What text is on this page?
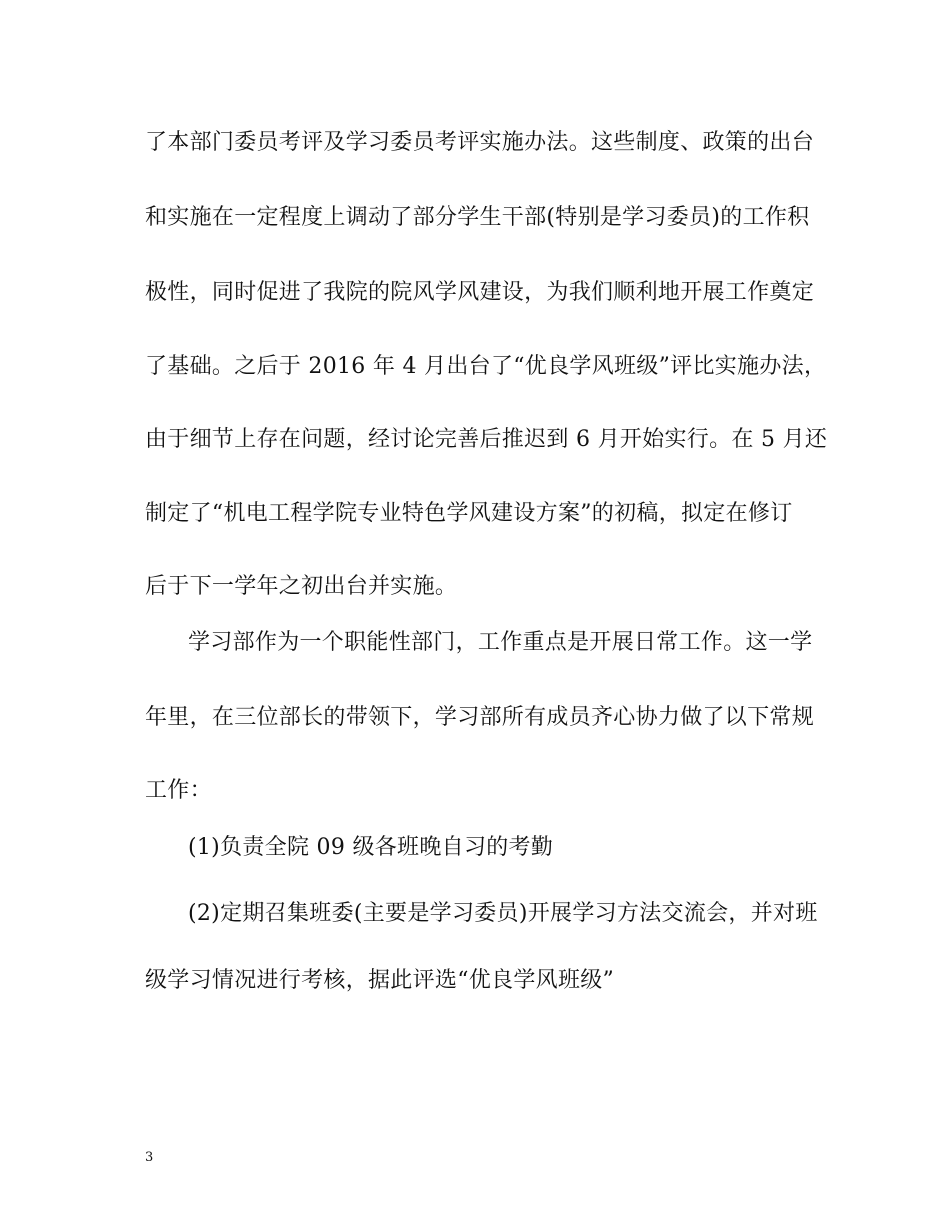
了本部门委员考评及学习委员考评实施办法。这些制度、政策的出台
和实施在一定程度上调动了部分学生干部(特别是学习委员)的工作积
极性，同时促进了我院的院风学风建设，为我们顺利地开展工作奠定
了基础。之后于 2016 年 4 月出台了“优良学风班级”评比实施办法，
由于细节上存在问题，经讨论完善后推迟到 6 月开始实行。在 5 月还
制定了“机电工程学院专业特色学风建设方案”的初稿，拟定在修订
后于下一学年之初出台并实施。
学习部作为一个职能性部门，工作重点是开展日常工作。这一学
年里，在三位部长的带领下，学习部所有成员齐心协力做了以下常规
工作：
(1)负责全院 09 级各班晚自习的考勤
(2)定期召集班委(主要是学习委员)开展学习方法交流会，并对班
级学习情况进行考核，据此评选“优良学风班级”
3
